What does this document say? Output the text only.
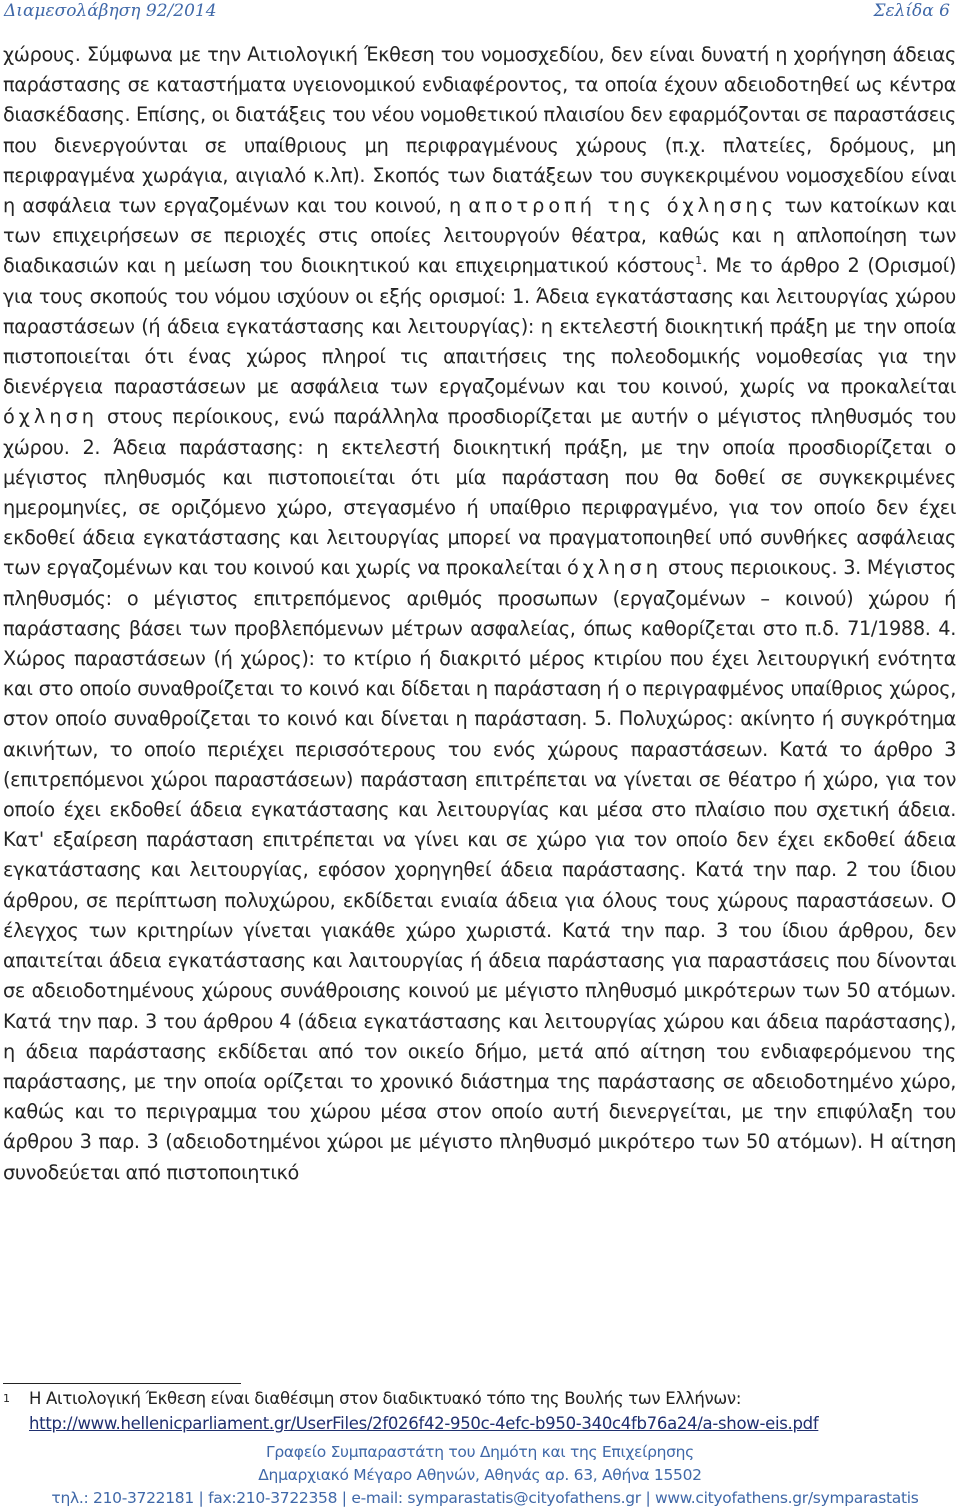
Διαμεσολάβηση 92/2014	Σελίδα 6

χώρους. Σύμφωνα με την Αιτιολογική Έκθεση του νομοσχεδίου, δεν είναι δυνατή η χορήγηση άδειας παράστασης σε καταστήματα υγειονομικού ενδιαφέροντος, τα οποία έχουν αδειοδοτηθεί ως κέντρα διασκέδασης. Επίσης, οι διατάξεις του νέου νομοθετικού πλαισίου δεν εφαρμόζονται σε παραστάσεις που διενεργούνται σε υπαίθριους μη περιφραγμένους χώρους (π.χ. πλατείες, δρόμους, μη περιφραγμένα χωράγια, αιγιαλό κ.λπ). Σκοπός των διατάξεων του συγκεκριμένου νομοσχεδίου είναι η ασφάλεια των εργαζομένων και του κοινού, η αποτροπή της όχλησης των κατοίκων και των επιχειρήσεων σε περιοχές στις οποίες λειτουργούν θέατρα, καθώς και η απλοποίηση των διαδικασιών και η μείωση του διοικητικού και επιχειρηματικού κόστους$^1$. Με το άρθρο 2 (Ορισμοί) για τους σκοπούς του νόμου ισχύουν οι εξής ορισμοί: 1. Άδεια εγκατάστασης και λειτουργίας χώρου παραστάσεων (ή άδεια εγκατάστασης και λειτουργίας): η εκτελεστή διοικητική πράξη με την οποία πιστοποιείται ότι ένας χώρος πληροί τις απαιτήσεις της πολεοδομικής νομοθεσίας για την διενέργεια παραστάσεων με ασφάλεια των εργαζομένων και του κοινού, χωρίς να προκαλείται όχληση στους περίοικους, ενώ παράλληλα προσδιορίζεται με αυτήν ο μέγιστος πληθυσμός του χώρου. 2. Άδεια παράστασης: η εκτελεστή διοικητική πράξη, με την οποία προσδιορίζεται ο μέγιστος πληθυσμός και πιστοποιείται ότι μία παράσταση που θα δοθεί σε συγκεκριμένες ημερομηνίες, σε οριζόμενο χώρο, στεγασμένο ή υπαίθριο περιφραγμένο, για τον οποίο δεν έχει εκδοθεί άδεια εγκατάστασης και λειτουργίας μπορεί να πραγματοποιηθεί υπό συνθήκες ασφάλειας των εργαζομένων και του κοινού και χωρίς να προκαλείται όχληση στους περιοικους. 3. Μέγιστος πληθυσμός: ο μέγιστος επιτρεπόμενος αριθμός προσωπων (εργαζομένων – κοινού) χώρου ή παράστασης βάσει των προβλεπόμενων μέτρων ασφαλείας, όπως καθορίζεται στο π.δ. 71/1988. 4. Χώρος παραστάσεων (ή χώρος): το κτίριο ή διακριτό μέρος κτιρίου που έχει λειτουργική ενότητα και στο οποίο συναθροίζεται το κοινό και δίδεται η παράσταση ή ο περιγραφμένος υπαίθριος χώρος, στον οποίο συναθροίζεται το κοινό και δίνεται η παράσταση. 5. Πολυχώρος: ακίνητο ή συγκρότημα ακινήτων, το οποίο περιέχει περισσότερους του ενός χώρους παραστάσεων. Κατά το άρθρο 3 (επιτρεπόμενοι χώροι παραστάσεων) παράσταση επιτρέπεται να γίνεται σε θέατρο ή χώρο, για τον οποίο έχει εκδοθεί άδεια εγκατάστασης και λειτουργίας και μέσα στο πλαίσιο που σχετική άδεια. Κατ' εξαίρεση παράσταση επιτρέπεται να γίνει και σε χώρο για τον οποίο δεν έχει εκδοθεί άδεια εγκατάστασης και λειτουργίας, εφόσον χορηγηθεί άδεια παράστασης. Κατά την παρ. 2 του ίδιου άρθρου, σε περίπτωση πολυχώρου, εκδίδεται ενιαία άδεια για όλους τους χώρους παραστάσεων. Ο έλεγχος των κριτηρίων γίνεται γιακάθε χώρο χωριστά. Κατά την παρ. 3 του ίδιου άρθρου, δεν απαιτείται άδεια εγκατάστασης και λαιτουργίας ή άδεια παράστασης για παραστάσεις που δίνονται σε αδειοδοτημένους χώρους συνάθροισης κοινού με μέγιστο πληθυσμό μικρότερων των 50 ατόμων. Κατά την παρ. 3 του άρθρου 4 (άδεια εγκατάστασης και λειτουργίας χώρου και άδεια παράστασης), η άδεια παράστασης εκδίδεται από τον οικείο δήμο, μετά από αίτηση του ενδιαφερόμενου της παράστασης, με την οποία ορίζεται το χρονικό διάστημα της παράστασης σε αδειοδοτημένο χώρο, καθώς και το περιγραμμα του χώρου μέσα στον οποίο αυτή διενεργείται, με την επιφύλαξη του άρθρου 3 παρ. 3 (αδειοδοτημένοι χώροι με μέγιστο πληθυσμό μικρότερο των 50 ατόμων). Η αίτηση συνοδεύεται από πιστοποιητικό

1	Η Αιτιολογική Έκθεση είναι διαθέσιμη στον διαδικτυακό τόπο της Βουλής των Ελλήνων:
http://www.hellenicparliament.gr/UserFiles/2f026f42-950c-4efc-b950-340c4fb76a24/a-show-eis.pdf
Γραφείο Συμπαραστάτη του Δημότη και της Επιχείρησης
Δημαρχιακό Μέγαρο Αθηνών, Αθηνάς αρ. 63, Αθήνα 15502
τηλ.: 210-3722181 | fax:210-3722358 | e-mail: symparastatis@cityofathens.gr | www.cityofathens.gr/symparastatis
